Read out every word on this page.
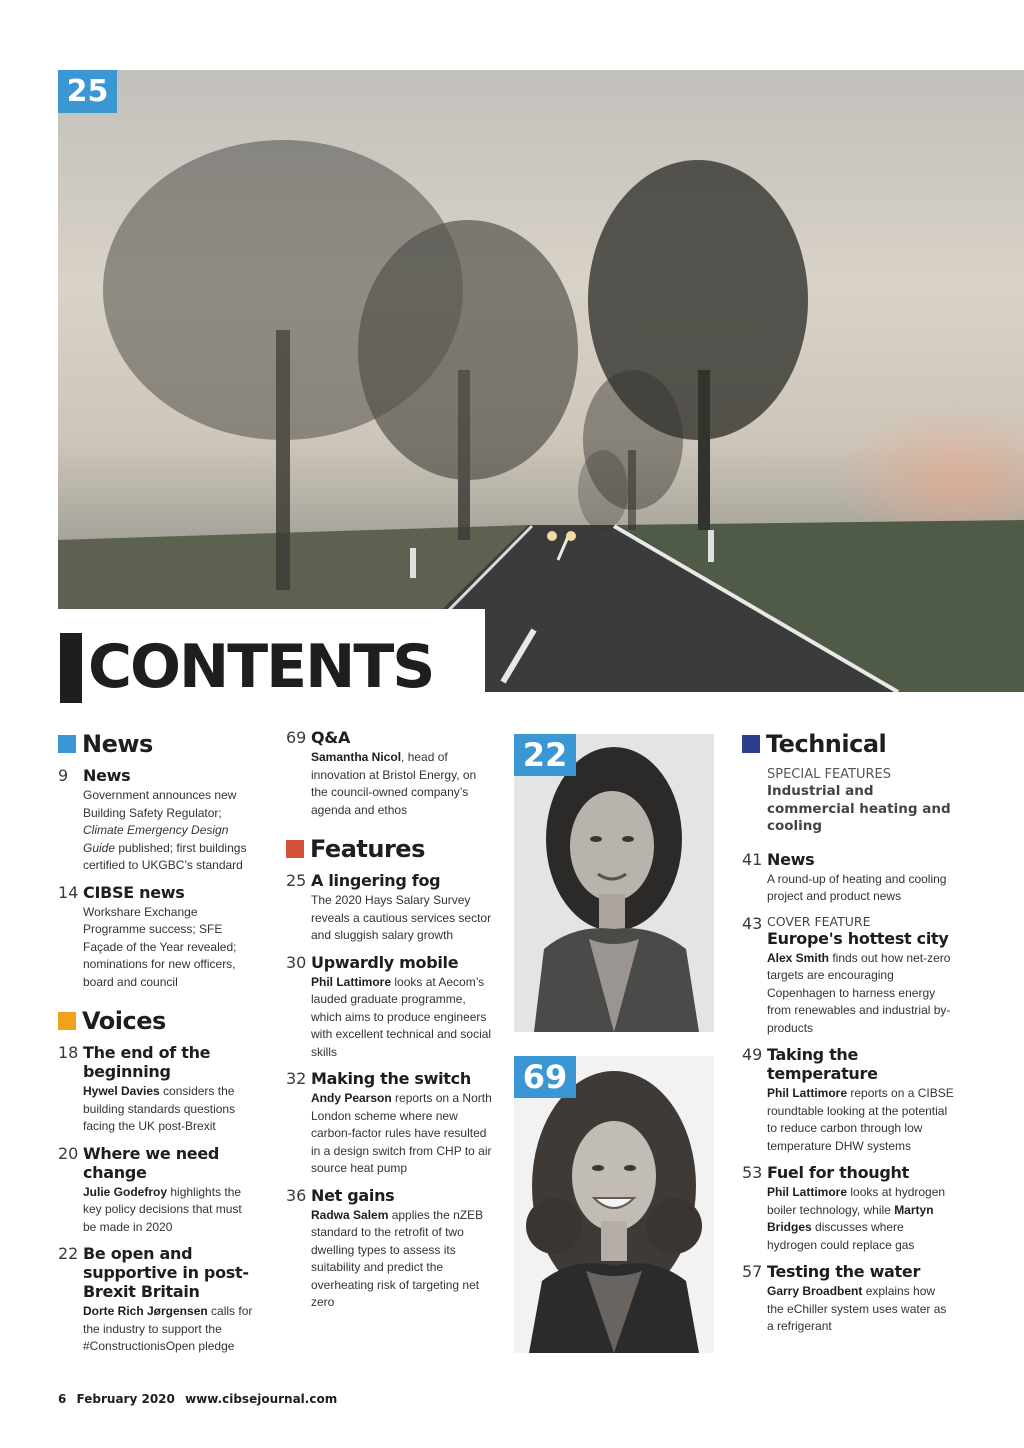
25
CONTENTS
News
9 News
Government announces new Building Safety Regulator; Climate Emergency Design Guide published; first buildings certified to UKGBC’s standard
14 CIBSE news
Workshare Exchange Programme success; SFE Façade of the Year revealed; nominations for new officers, board and council
Voices
18 The end of the beginning
Hywel Davies considers the building standards questions facing the UK post-Brexit
20 Where we need change
Julie Godefroy highlights the key policy decisions that must be made in 2020
22 Be open and supportive in post-Brexit Britain
Dorte Rich Jørgensen calls for the industry to support the #ConstructionisOpen pledge
69 Q&A
Samantha Nicol, head of innovation at Bristol Energy, on the council-owned company’s agenda and ethos
Features
25 A lingering fog
The 2020 Hays Salary Survey reveals a cautious services sector and sluggish salary growth
30 Upwardly mobile
Phil Lattimore looks at Aecom’s lauded graduate programme, which aims to produce engineers with excellent technical and social skills
32 Making the switch
Andy Pearson reports on a North London scheme where new carbon-factor rules have resulted in a design switch from CHP to air source heat pump
36 Net gains
Radwa Salem applies the nZEB standard to the retrofit of two dwelling types to assess its suitability and predict the overheating risk of targeting net zero
22
69
Technical
SPECIAL FEATURES
Industrial and commercial heating and cooling
41 News
A round-up of heating and cooling project and product news
43 COVER FEATURE
Europe's hottest city
Alex Smith finds out how net-zero targets are encouraging Copenhagen to harness energy from renewables and industrial by-products
49 Taking the temperature
Phil Lattimore reports on a CIBSE roundtable looking at the potential to reduce carbon through low temperature DHW systems
53 Fuel for thought
Phil Lattimore looks at hydrogen boiler technology, while Martyn Bridges discusses where hydrogen could replace gas
57 Testing the water
Garry Broadbent explains how the eChiller system uses water as a refrigerant
6 February 2020 www.cibsejournal.com
